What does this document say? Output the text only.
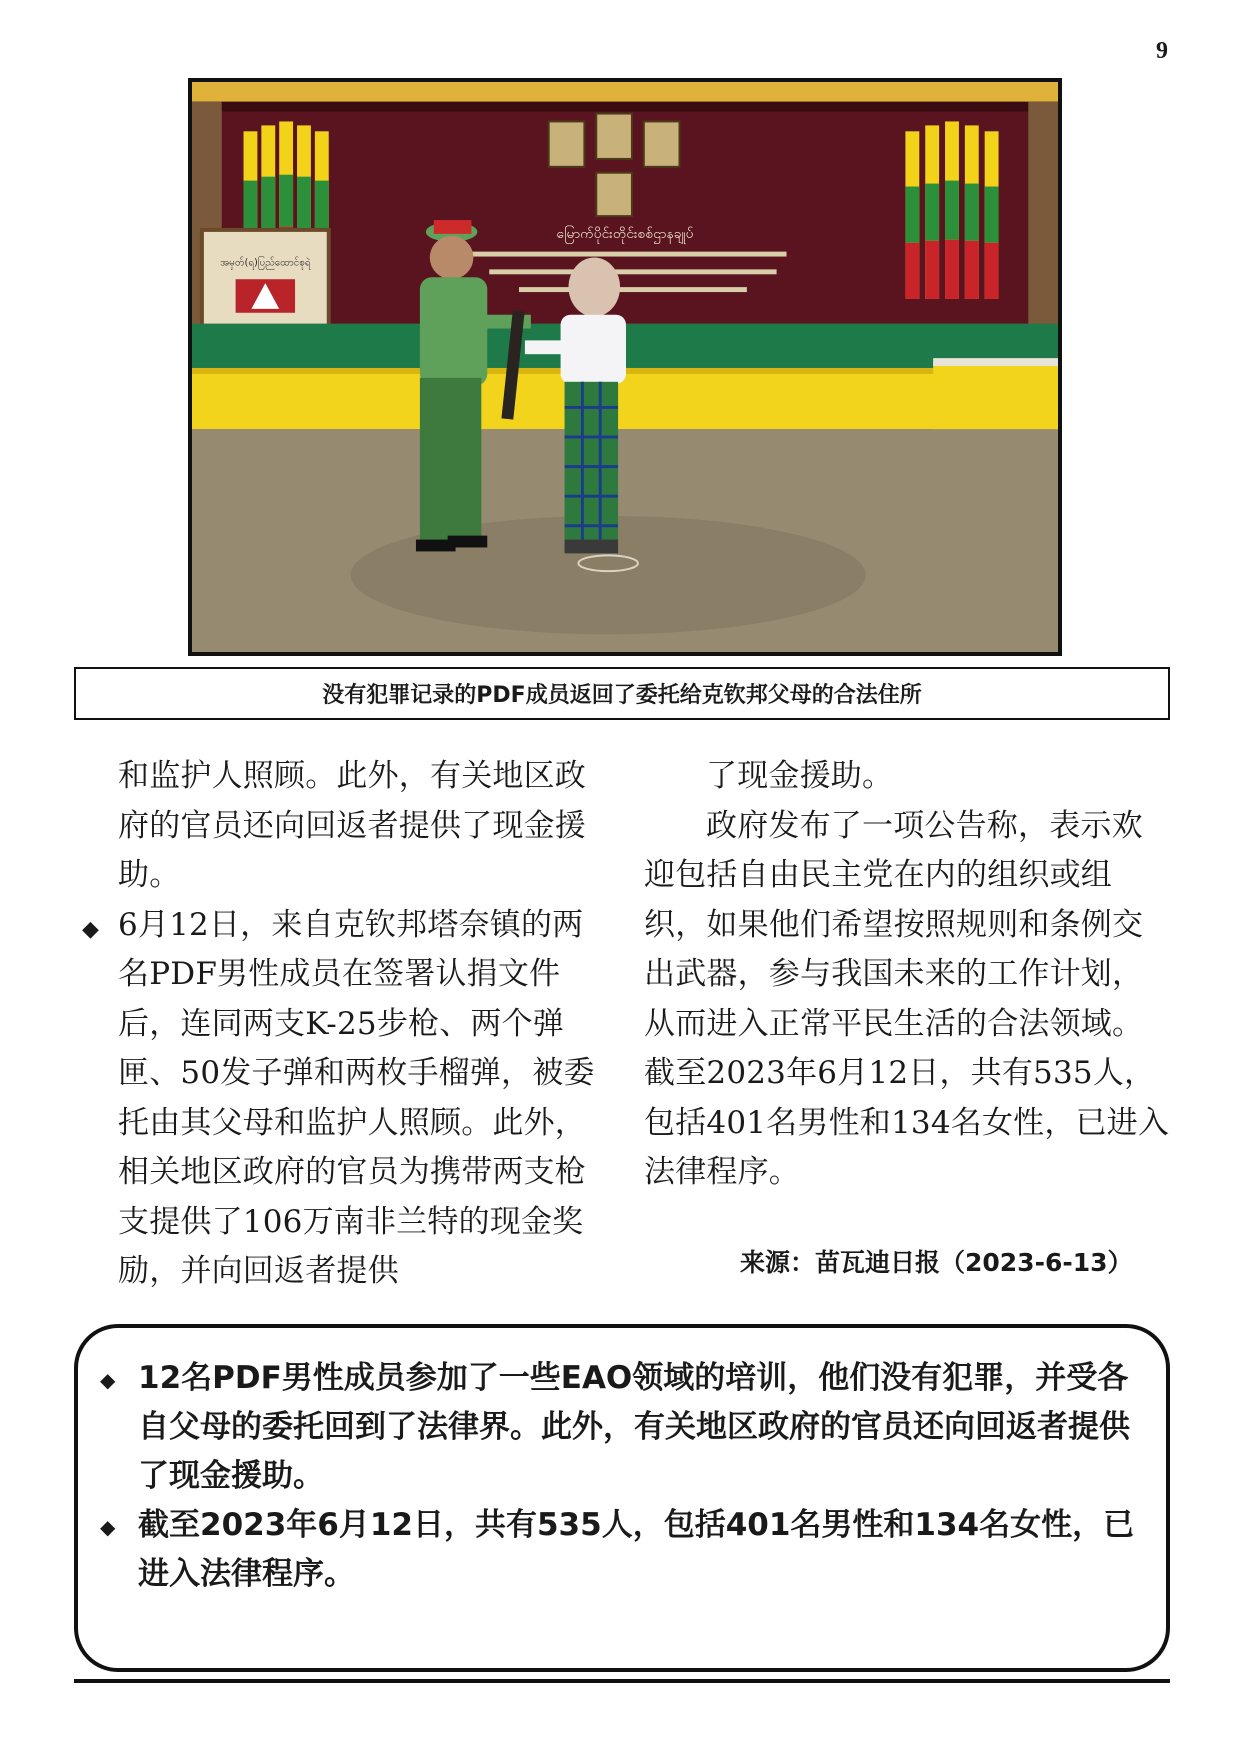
9
မြောက်ပိုင်းတိုင်းစစ်ဌာနချုပ်
အမှတ်(ရ)ပြည်ထောင်စုရဲ
没有犯罪记录的PDF成员返回了委托给克钦邦父母的合法住所

和监护人照顾。此外，有关地区政府的官员还向回返者提供了现金援助。

◆ 6月12日，来自克钦邦塔奈镇的两名PDF男性成员在签署认捐文件后，连同两支K-25步枪、两个弹匣、50发子弹和两枚手榴弹，被委托由其父母和监护人照顾。此外，相关地区政府的官员为携带两支枪支提供了106万南非兰特的现金奖励，并向回返者提供

了现金援助。

政府发布了一项公告称，表示欢迎包括自由民主党在内的组织或组织，如果他们希望按照规则和条例交出武器，参与我国未来的工作计划，从而进入正常平民生活的合法领域。截至2023年6月12日，共有535人，包括401名男性和134名女性，已进入法律程序。

来源：苗瓦迪日报（2023-6-13）
◆ 12名PDF男性成员参加了一些EAO领域的培训，他们没有犯罪，并受各自父母的委托回到了法律界。此外，有关地区政府的官员还向回返者提供了现金援助。
◆ 截至2023年6月12日，共有535人，包括401名男性和134名女性，已进入法律程序。
